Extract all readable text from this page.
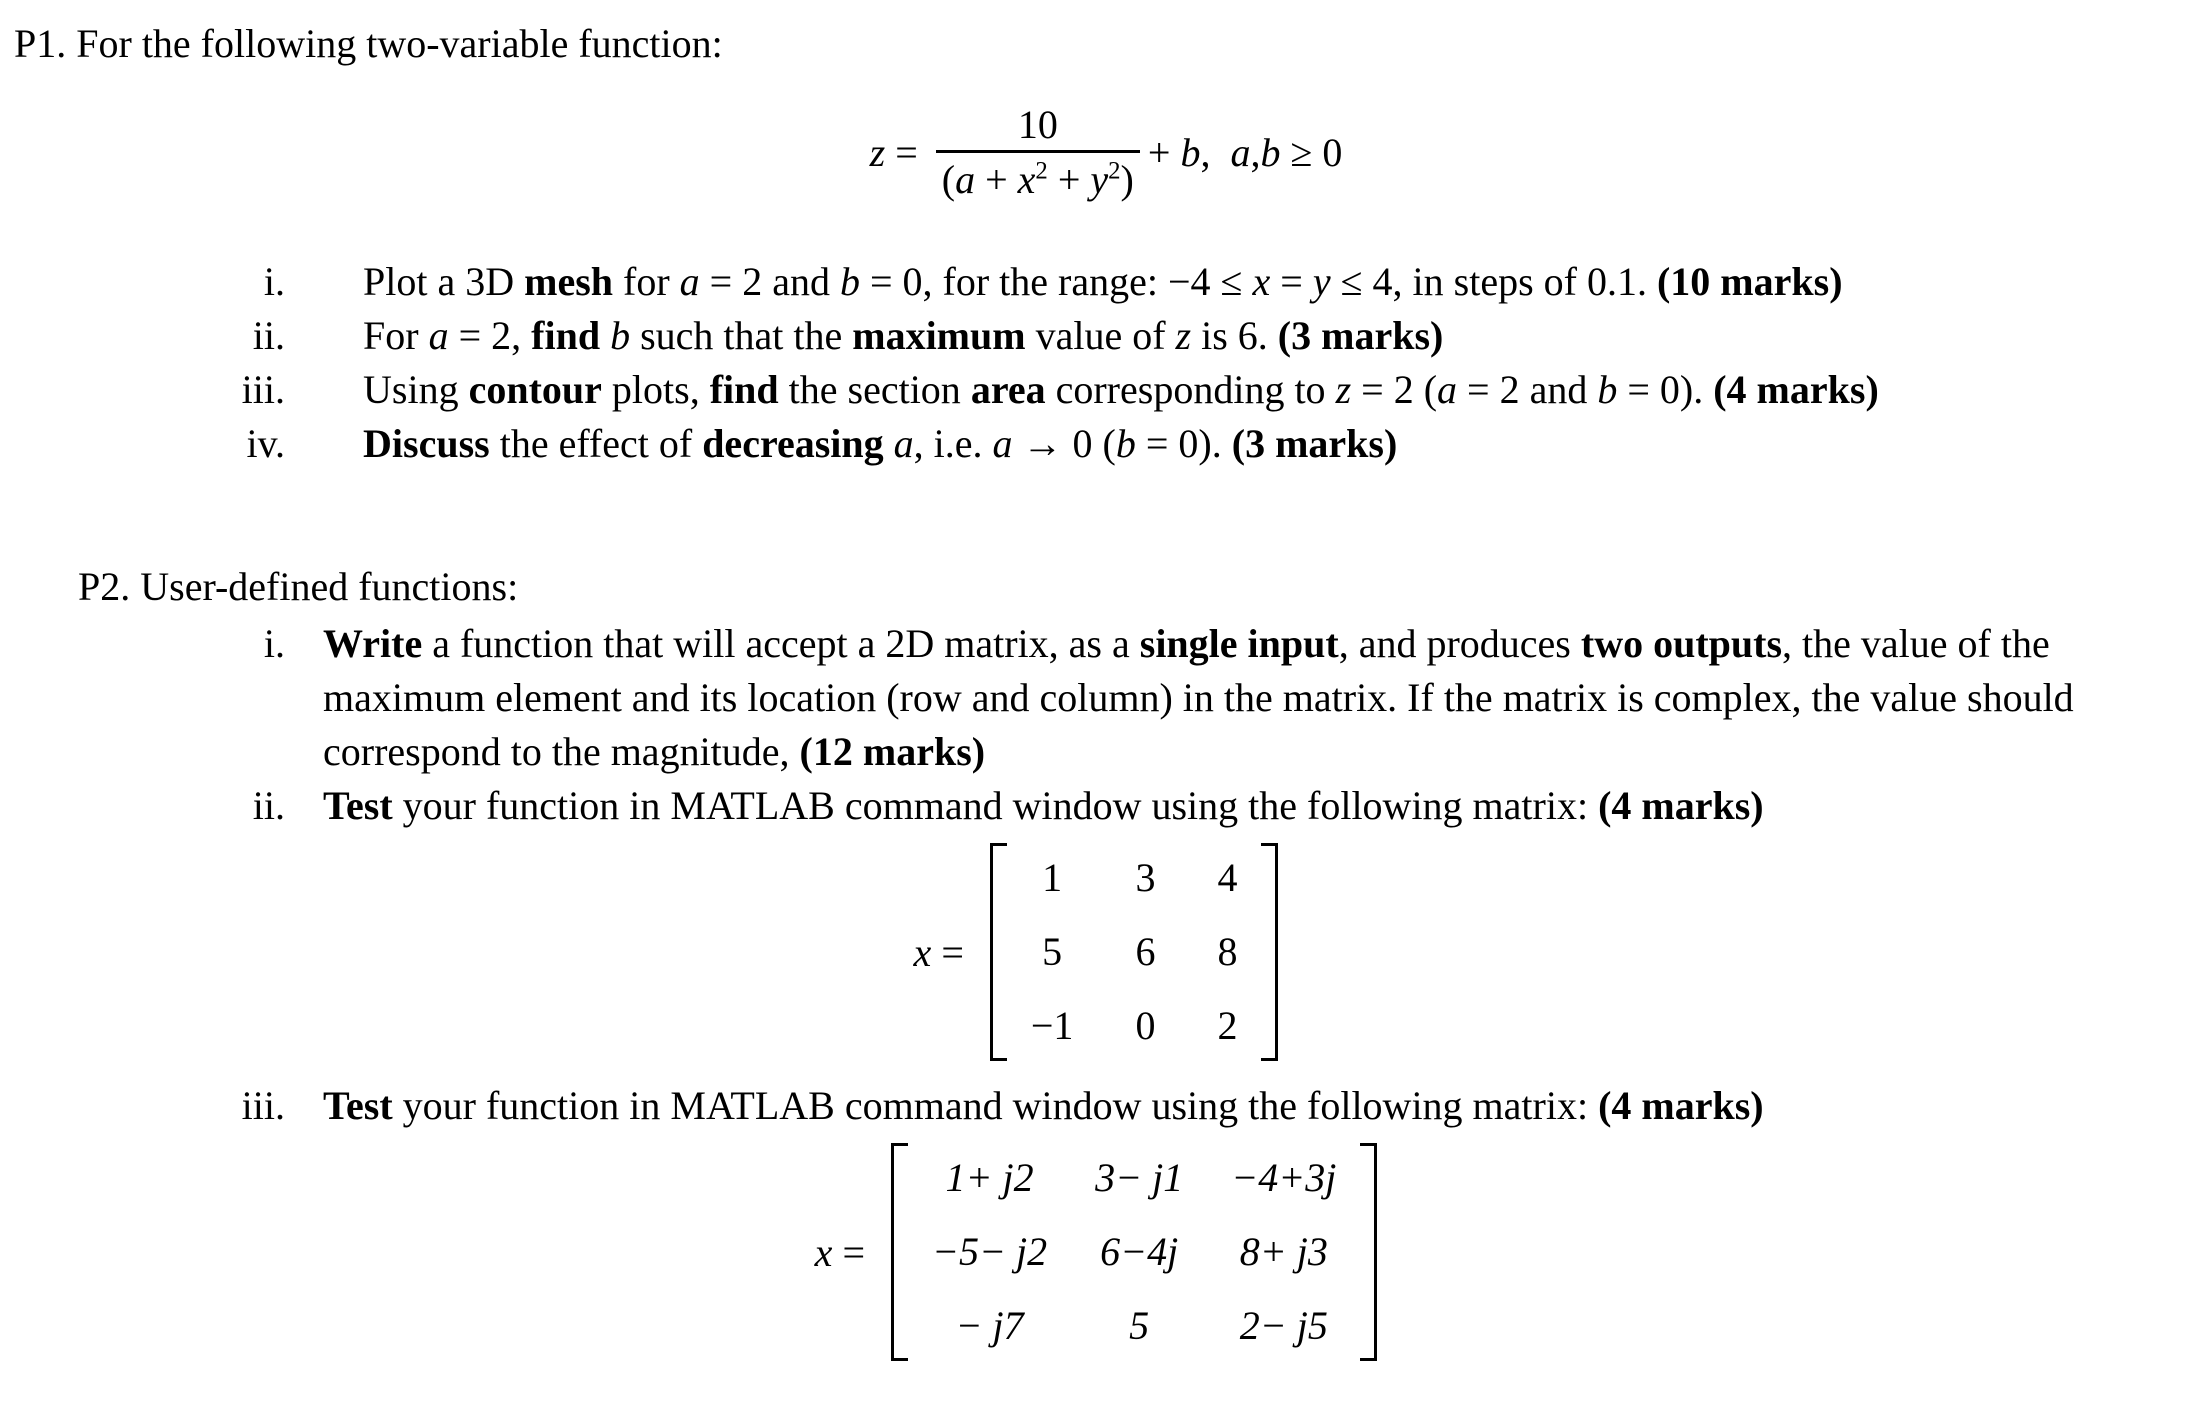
P1. For the following two-variable function:
$z = \frac{10}{(a + x^2 + y^2)} + b$,  a,b ≥ 0
i. Plot a 3D mesh for a = 2 and b = 0, for the range: −4 ≤ x = y ≤ 4, in steps of 0.1. (10 marks)
ii. For a = 2, find b such that the maximum value of z is 6. (3 marks)
iii. Using contour plots, find the section area corresponding to z = 2 (a = 2 and b = 0). (4 marks)
iv. Discuss the effect of decreasing a, i.e. a → 0 (b = 0). (3 marks)
P2. User-defined functions:
i. Write a function that will accept a 2D matrix, as a single input, and produces two outputs, the value of the maximum element and its location (row and column) in the matrix. If the matrix is complex, the value should correspond to the magnitude, (12 marks)
ii. Test your function in MATLAB command window using the following matrix: (4 marks)
x =
1 3 4
5 6 8
−1 0 2
iii. Test your function in MATLAB command window using the following matrix: (4 marks)
x =
1+ j2 3− j1 −4+3j
−5− j2 6−4j 8+ j3
− j7	5 2− j5
